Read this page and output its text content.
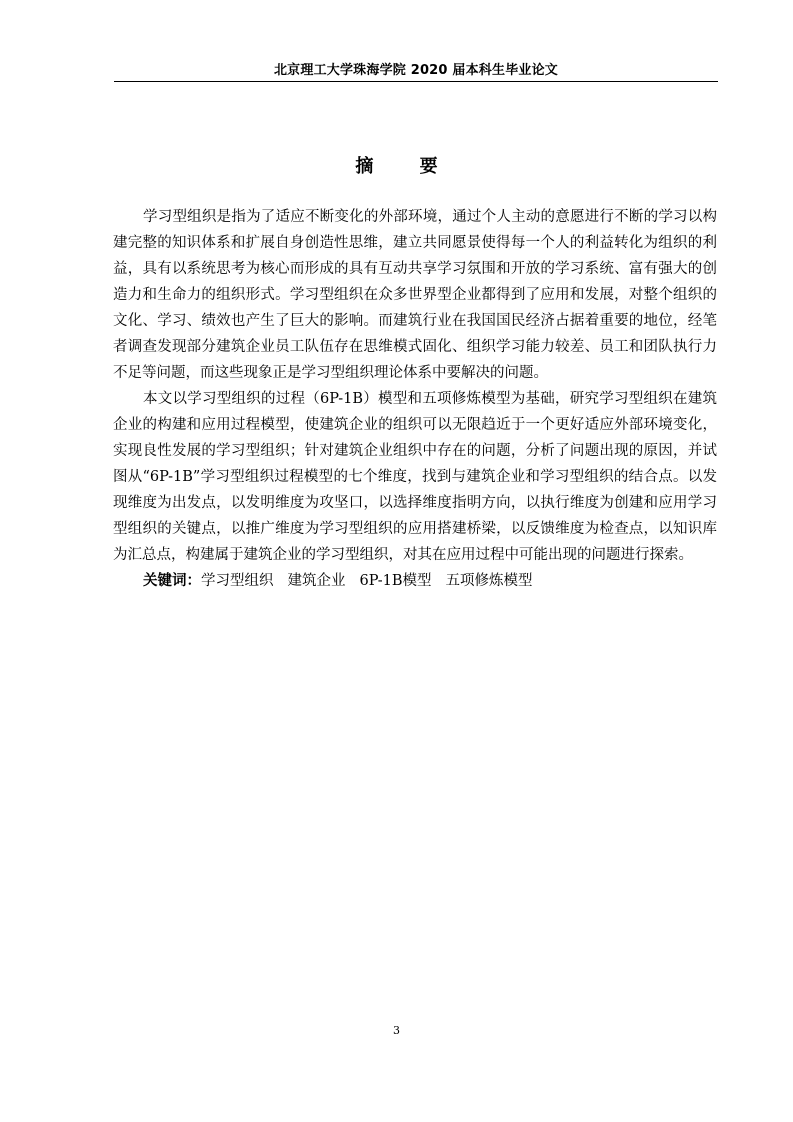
北京理工大学珠海学院 2020 届本科生毕业论文
摘 要

学习型组织是指为了适应不断变化的外部环境，通过个人主动的意愿进行不断的学习以构建完整的知识体系和扩展自身创造性思维，建立共同愿景使得每一个人的利益转化为组织的利益，具有以系统思考为核心而形成的具有互动共享学习氛围和开放的学习系统、富有强大的创造力和生命力的组织形式。学习型组织在众多世界型企业都得到了应用和发展，对整个组织的文化、学习、绩效也产生了巨大的影响。而建筑行业在我国国民经济占据着重要的地位，经笔者调查发现部分建筑企业员工队伍存在思维模式固化、组织学习能力较差、员工和团队执行力不足等问题，而这些现象正是学习型组织理论体系中要解决的问题。

本文以学习型组织的过程（6P-1B）模型和五项修炼模型为基础，研究学习型组织在建筑企业的构建和应用过程模型，使建筑企业的组织可以无限趋近于一个更好适应外部环境变化，实现良性发展的学习型组织；针对建筑企业组织中存在的问题，分析了问题出现的原因，并试图从“6P-1B”学习型组织过程模型的七个维度，找到与建筑企业和学习型组织的结合点。以发现维度为出发点，以发明维度为攻坚口，以选择维度指明方向，以执行维度为创建和应用学习型组织的关键点，以推广维度为学习型组织的应用搭建桥梁，以反馈维度为检查点，以知识库为汇总点，构建属于建筑企业的学习型组织，对其在应用过程中可能出现的问题进行探索。

关键词：学习型组织 建筑企业 6P-1B模型 五项修炼模型

3
